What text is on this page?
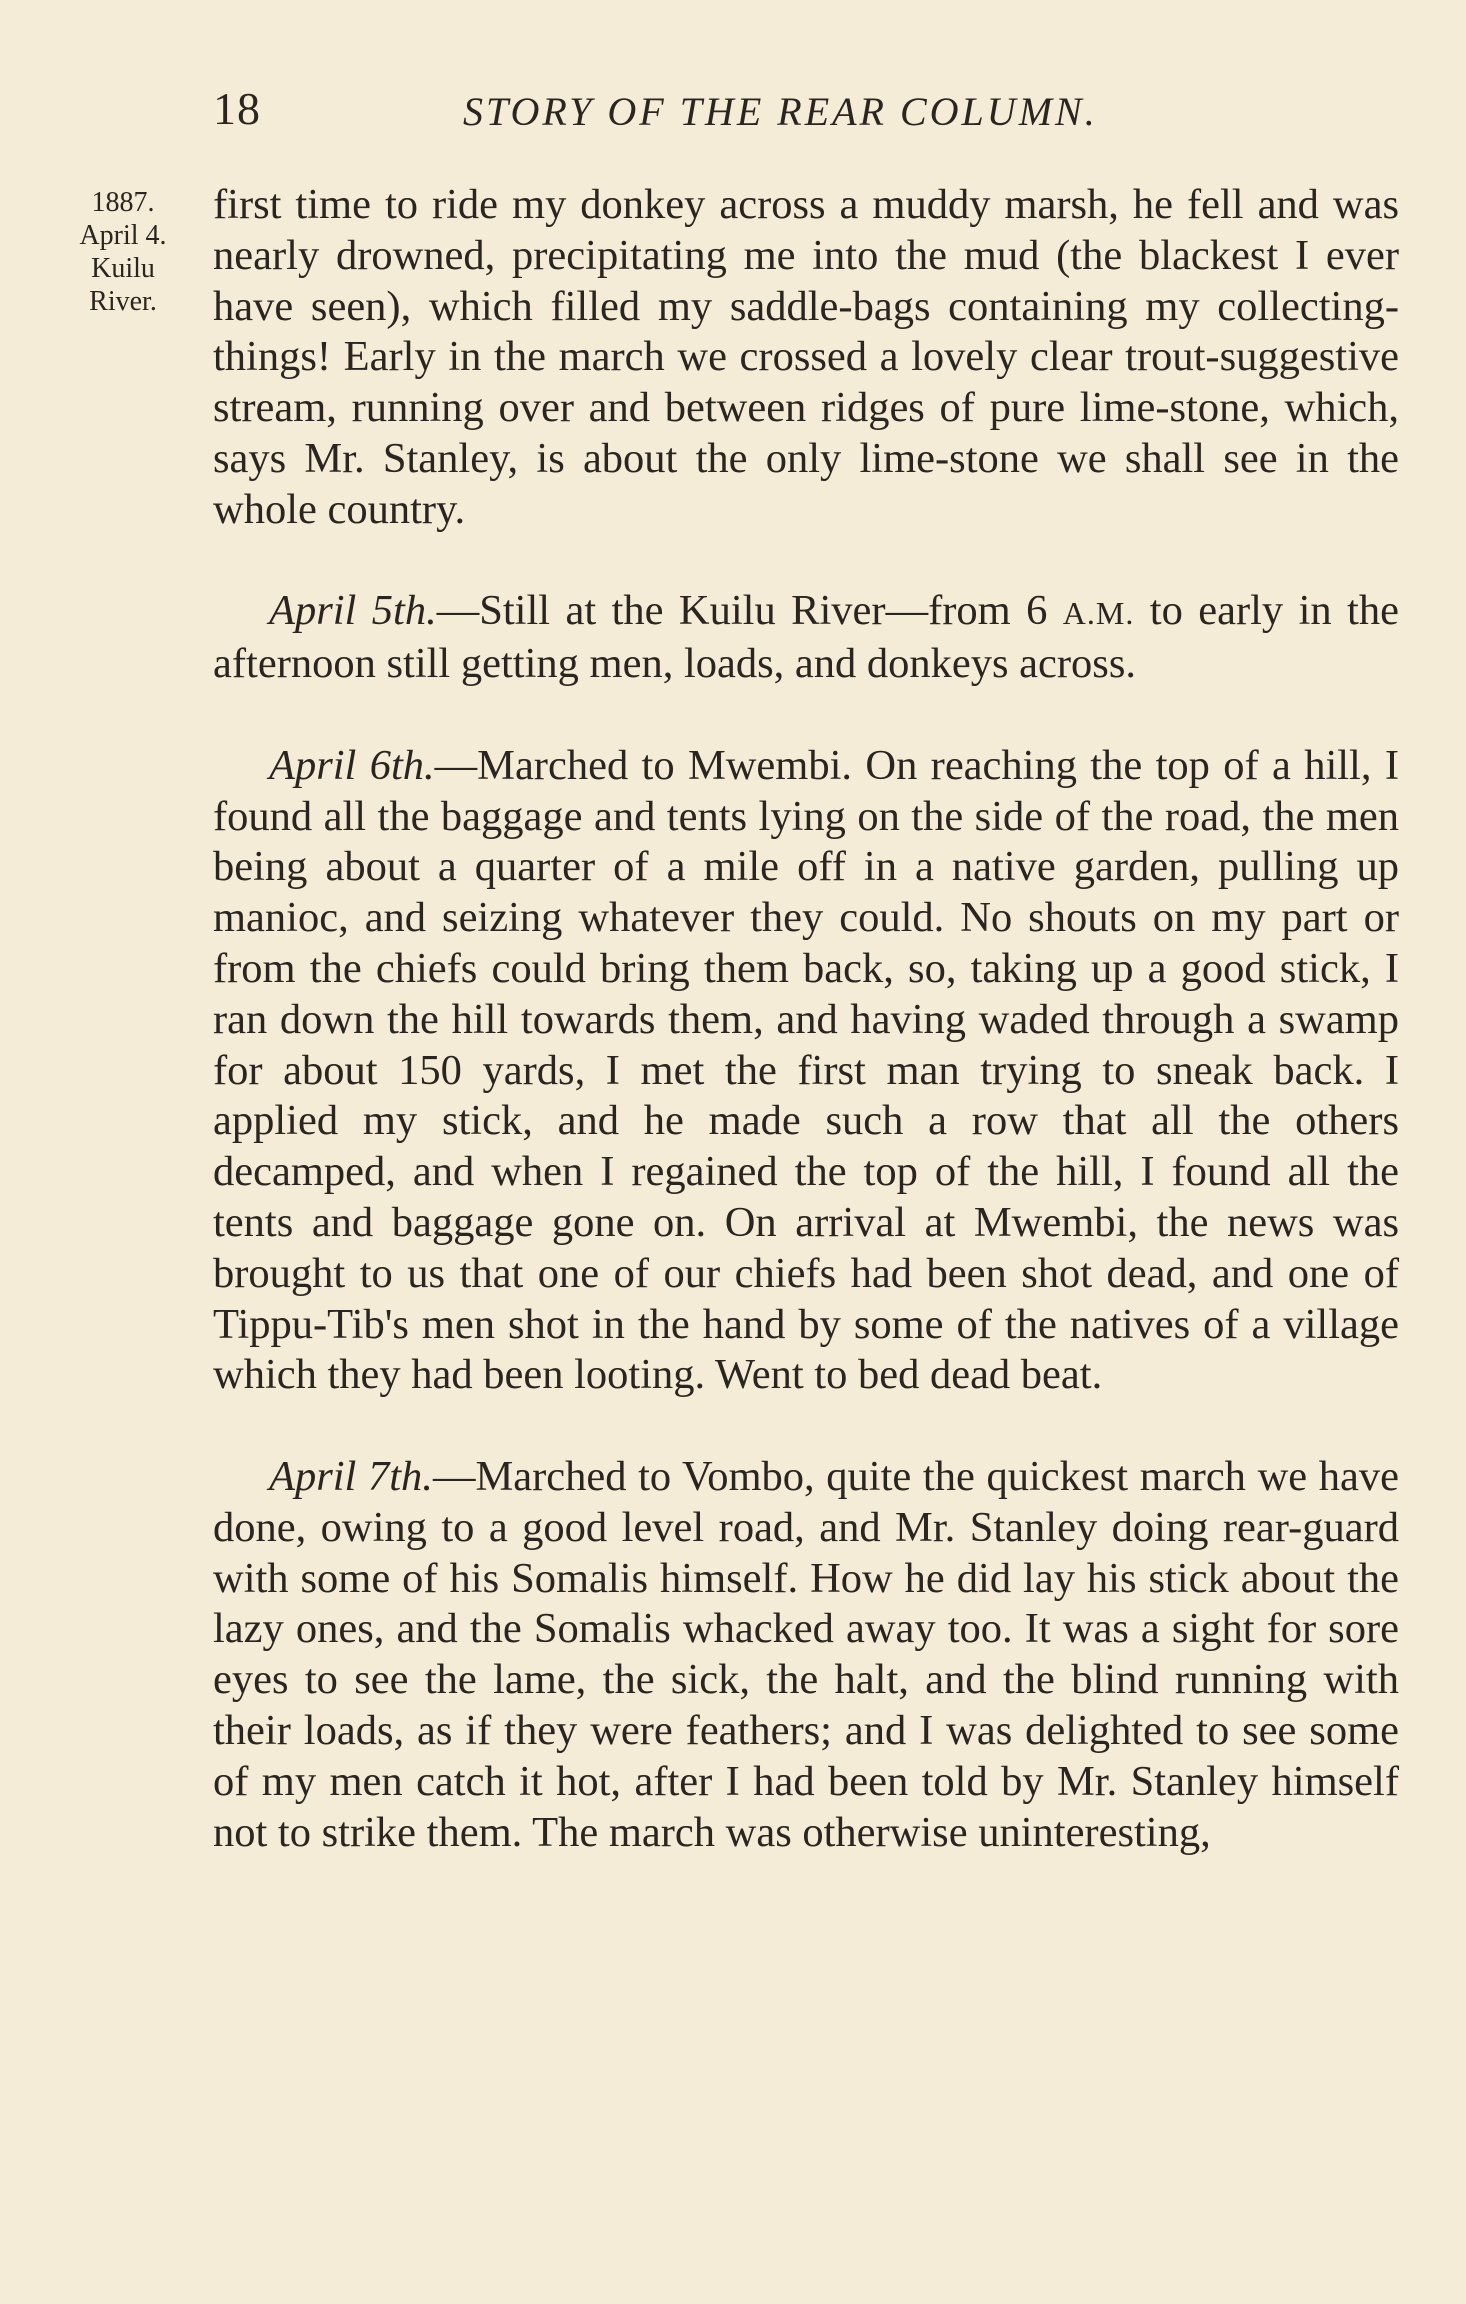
18	STORY OF THE REAR COLUMN.
1887.
April 4.
Kuilu
River.

first time to ride my donkey across a muddy marsh, he fell and was nearly drowned, precipitating me into the mud (the blackest I ever have seen), which filled my saddle-bags containing my collecting-things! Early in the march we crossed a lovely clear trout-suggestive stream, running over and between ridges of pure lime-stone, which, says Mr. Stanley, is about the only lime-stone we shall see in the whole country.

April 5th.—Still at the Kuilu River—from 6 A.M. to early in the afternoon still getting men, loads, and donkeys across.

April 6th.—Marched to Mwembi. On reaching the top of a hill, I found all the baggage and tents lying on the side of the road, the men being about a quarter of a mile off in a native garden, pulling up manioc, and seizing whatever they could. No shouts on my part or from the chiefs could bring them back, so, taking up a good stick, I ran down the hill towards them, and having waded through a swamp for about 150 yards, I met the first man trying to sneak back. I applied my stick, and he made such a row that all the others decamped, and when I regained the top of the hill, I found all the tents and baggage gone on. On arrival at Mwembi, the news was brought to us that one of our chiefs had been shot dead, and one of Tippu-Tib's men shot in the hand by some of the natives of a village which they had been looting. Went to bed dead beat.

April 7th.—Marched to Vombo, quite the quickest march we have done, owing to a good level road, and Mr. Stanley doing rear-guard with some of his Somalis himself. How he did lay his stick about the lazy ones, and the Somalis whacked away too. It was a sight for sore eyes to see the lame, the sick, the halt, and the blind running with their loads, as if they were feathers; and I was delighted to see some of my men catch it hot, after I had been told by Mr. Stanley himself not to strike them. The march was otherwise uninteresting,
